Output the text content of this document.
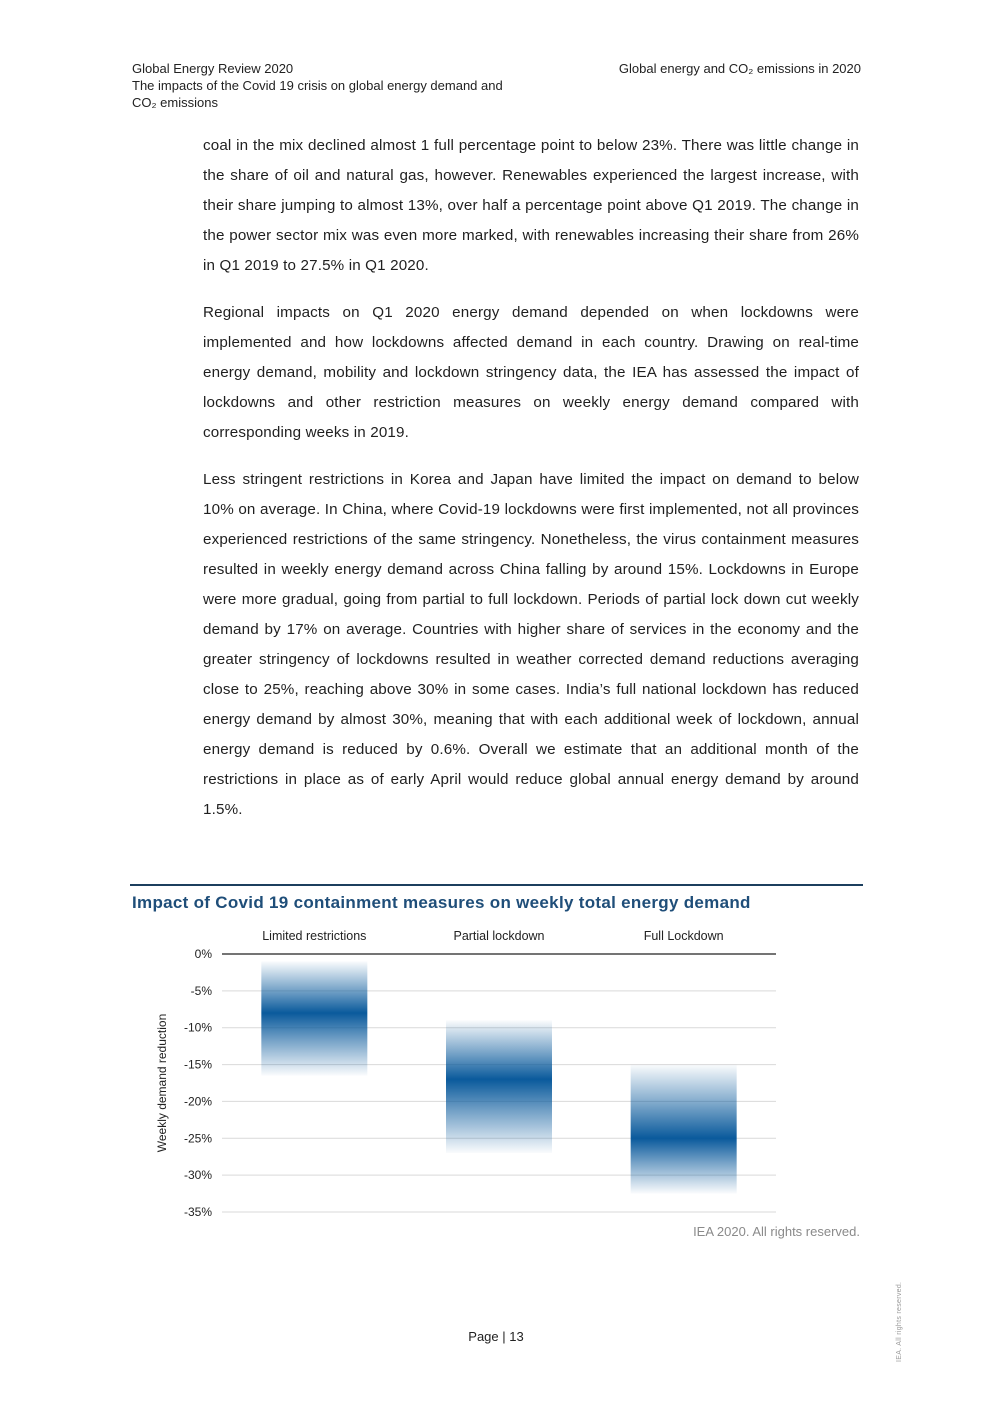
Global Energy Review 2020
The impacts of the Covid 19 crisis on global energy demand and CO₂ emissions
Global energy and CO₂ emissions in 2020

coal in the mix declined almost 1 full percentage point to below 23%. There was little change in the share of oil and natural gas, however. Renewables experienced the largest increase, with their share jumping to almost 13%, over half a percentage point above Q1 2019. The change in the power sector mix was even more marked, with renewables increasing their share from 26% in Q1 2019 to 27.5% in Q1 2020.

Regional impacts on Q1 2020 energy demand depended on when lockdowns were implemented and how lockdowns affected demand in each country. Drawing on real-time energy demand, mobility and lockdown stringency data, the IEA has assessed the impact of lockdowns and other restriction measures on weekly energy demand compared with corresponding weeks in 2019.

Less stringent restrictions in Korea and Japan have limited the impact on demand to below 10% on average. In China, where Covid-19 lockdowns were first implemented, not all provinces experienced restrictions of the same stringency. Nonetheless, the virus containment measures resulted in weekly energy demand across China falling by around 15%. Lockdowns in Europe were more gradual, going from partial to full lockdown. Periods of partial lock down cut weekly demand by 17% on average. Countries with higher share of services in the economy and the greater stringency of lockdowns resulted in weather corrected demand reductions averaging close to 25%, reaching above 30% in some cases. India’s full national lockdown has reduced energy demand by almost 30%, meaning that with each additional week of lockdown, annual energy demand is reduced by 0.6%. Overall we estimate that an additional month of the restrictions in place as of early April would reduce global annual energy demand by around 1.5%.

Impact of Covid 19 containment measures on weekly total energy demand
0%
-5%
-10%
-15%
-20%
-25%
-30%
-35%
Weekly demand reduction
Limited restrictions	Partial lockdown	Full Lockdown
IEA 2020. All rights reserved.
Page | 13	IEA. All rights reserved.
